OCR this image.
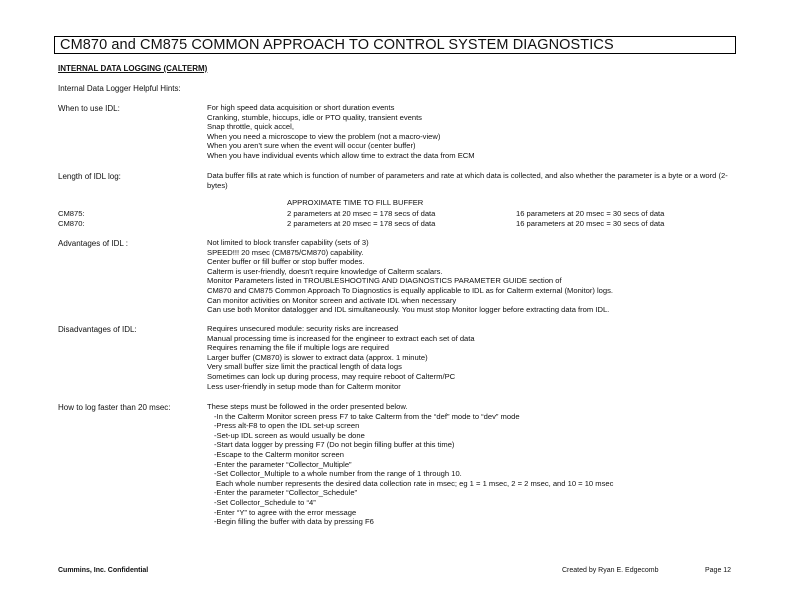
CM870 and CM875 COMMON APPROACH TO CONTROL SYSTEM DIAGNOSTICS
INTERNAL DATA LOGGING (CALTERM)
Internal Data Logger Helpful Hints:
When to use IDL:	For high speed data acquisition or short duration events
Cranking, stumble, hiccups, idle or PTO quality, transient events
Snap throttle, quick accel,
When you need a microscope to view the problem (not a macro-view)
When you aren't sure when the event will occur (center buffer)
When you have individual events which allow time to extract the data from ECM
Length of IDL log:	Data buffer fills at rate which is function of number of parameters and rate at which data is collected, and also whether the parameter is a byte or a word (2-bytes)
APPROXIMATE TIME TO FILL BUFFER
CM875:	2 parameters at 20 msec = 178 secs of data	16 parameters at 20 msec = 30 secs of data
CM870:	2 parameters at 20 msec = 178 secs of data	16 parameters at 20 msec = 30 secs of data
Advantages of IDL :	Not limited to block transfer capability (sets of 3)
SPEED!!! 20 msec (CM875/CM870) capability.
Center buffer or fill buffer or stop buffer modes.
Calterm is user-friendly, doesn't require knowledge of Calterm scalars.
Monitor Parameters listed in TROUBLESHOOTING AND DIAGNOSTICS PARAMETER GUIDE section of
CM870 and CM875 Common Approach To Diagnostics is equally applicable to IDL as for Calterm external (Monitor) logs.
Can monitor activities on Monitor screen and activate IDL when necessary
Can use both Monitor datalogger and IDL simultaneously. You must stop Monitor logger before extracting data from IDL.
Disadvantages of IDL:	Requires unsecured module: security risks are increased
Manual processing time is increased for the engineer to extract each set of data
Requires renaming the file if multiple logs are required
Larger buffer (CM870) is slower to extract data (approx. 1 minute)
Very small buffer size limit the practical length of data logs
Sometimes can lock up during process, may require reboot of Calterm/PC
Less user-friendly in setup mode than for Calterm monitor
How to log faster than 20 msec:	These steps must be followed in the order presented below.
-In the Calterm Monitor screen press F7 to take Calterm from the “def” mode to “dev” mode
-Press alt-F8 to open the IDL set-up screen
-Set-up IDL screen as would usually be done
-Start data logger by pressing F7 (Do not begin filling buffer at this time)
-Escape to the Calterm monitor screen
-Enter the parameter “Collector_Multiple”
-Set Collector_Multiple to a whole number from the range of 1 through 10.
Each whole number represents the desired data collection rate in msec; eg 1 = 1 msec, 2 = 2 msec, and 10 = 10 msec
-Enter the parameter “Collector_Schedule”
-Set Collector_Schedule to “4”
-Enter “Y” to agree with the error message
-Begin filling the buffer with data by pressing F6
Cummins, Inc. Confidential	Created by Ryan E. Edgecomb	Page 12
